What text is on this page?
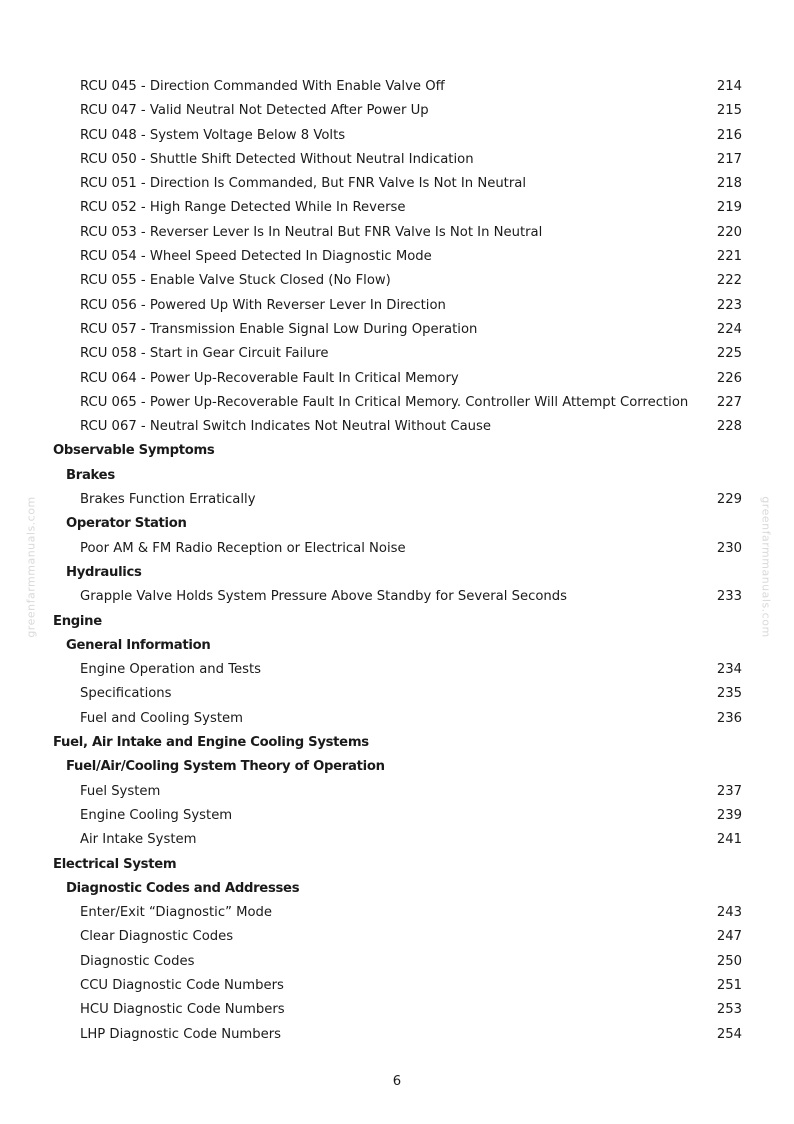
greenfarmmanuals.com	greenfarmmanuals.com
RCU 045 - Direction Commanded With Enable Valve Off	214
RCU 047 - Valid Neutral Not Detected After Power Up	215
RCU 048 - System Voltage Below 8 Volts	216
RCU 050 - Shuttle Shift Detected Without Neutral Indication	217
RCU 051 - Direction Is Commanded, But FNR Valve Is Not In Neutral	218
RCU 052 - High Range Detected While In Reverse	219
RCU 053 - Reverser Lever Is In Neutral But FNR Valve Is Not In Neutral	220
RCU 054 - Wheel Speed Detected In Diagnostic Mode	221
RCU 055 - Enable Valve Stuck Closed (No Flow)	222
RCU 056 - Powered Up With Reverser Lever In Direction	223
RCU 057 - Transmission Enable Signal Low During Operation	224
RCU 058 - Start in Gear Circuit Failure	225
RCU 064 - Power Up-Recoverable Fault In Critical Memory	226
RCU 065 - Power Up-Recoverable Fault In Critical Memory. Controller Will Attempt Correction 227
RCU 067 - Neutral Switch Indicates Not Neutral Without Cause	228
Observable Symptoms
Brakes
Brakes Function Erratically	229
Operator Station
Poor AM & FM Radio Reception or Electrical Noise	230
Hydraulics
Grapple Valve Holds System Pressure Above Standby for Several Seconds	233
Engine
General Information
Engine Operation and Tests	234
Specifications	235
Fuel and Cooling System	236
Fuel, Air Intake and Engine Cooling Systems
Fuel/Air/Cooling System Theory of Operation
Fuel System	237
Engine Cooling System	239
Air Intake System	241
Electrical System
Diagnostic Codes and Addresses
Enter/Exit “Diagnostic” Mode	243
Clear Diagnostic Codes	247
Diagnostic Codes	250
CCU Diagnostic Code Numbers	251
HCU Diagnostic Code Numbers	253
LHP Diagnostic Code Numbers	254
6
